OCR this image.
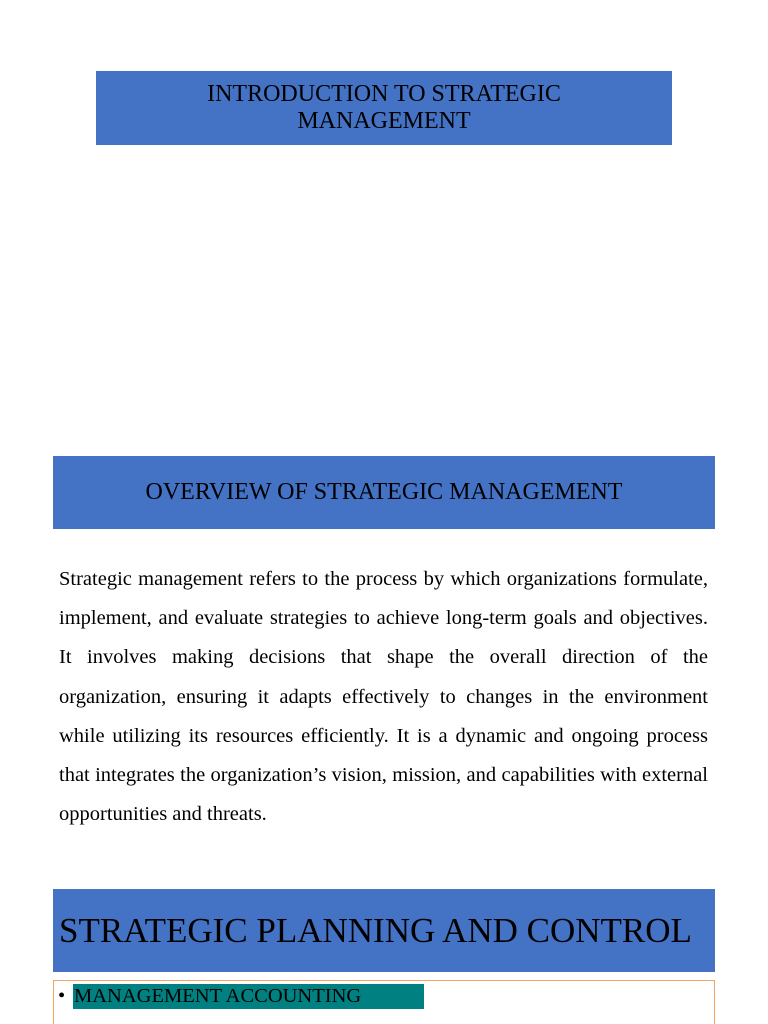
INTRODUCTION TO STRATEGIC MANAGEMENT
OVERVIEW OF STRATEGIC MANAGEMENT

Strategic management refers to the process by which organizations formulate, implement, and evaluate strategies to achieve long-term goals and objectives. It involves making decisions that shape the overall direction of the organization, ensuring it adapts effectively to changes in the environment while utilizing its resources efficiently. It is a dynamic and ongoing process that integrates the organization’s vision, mission, and capabilities with external opportunities and threats.

STRATEGIC PLANNING AND CONTROL
• MANAGEMENT ACCOUNTING
